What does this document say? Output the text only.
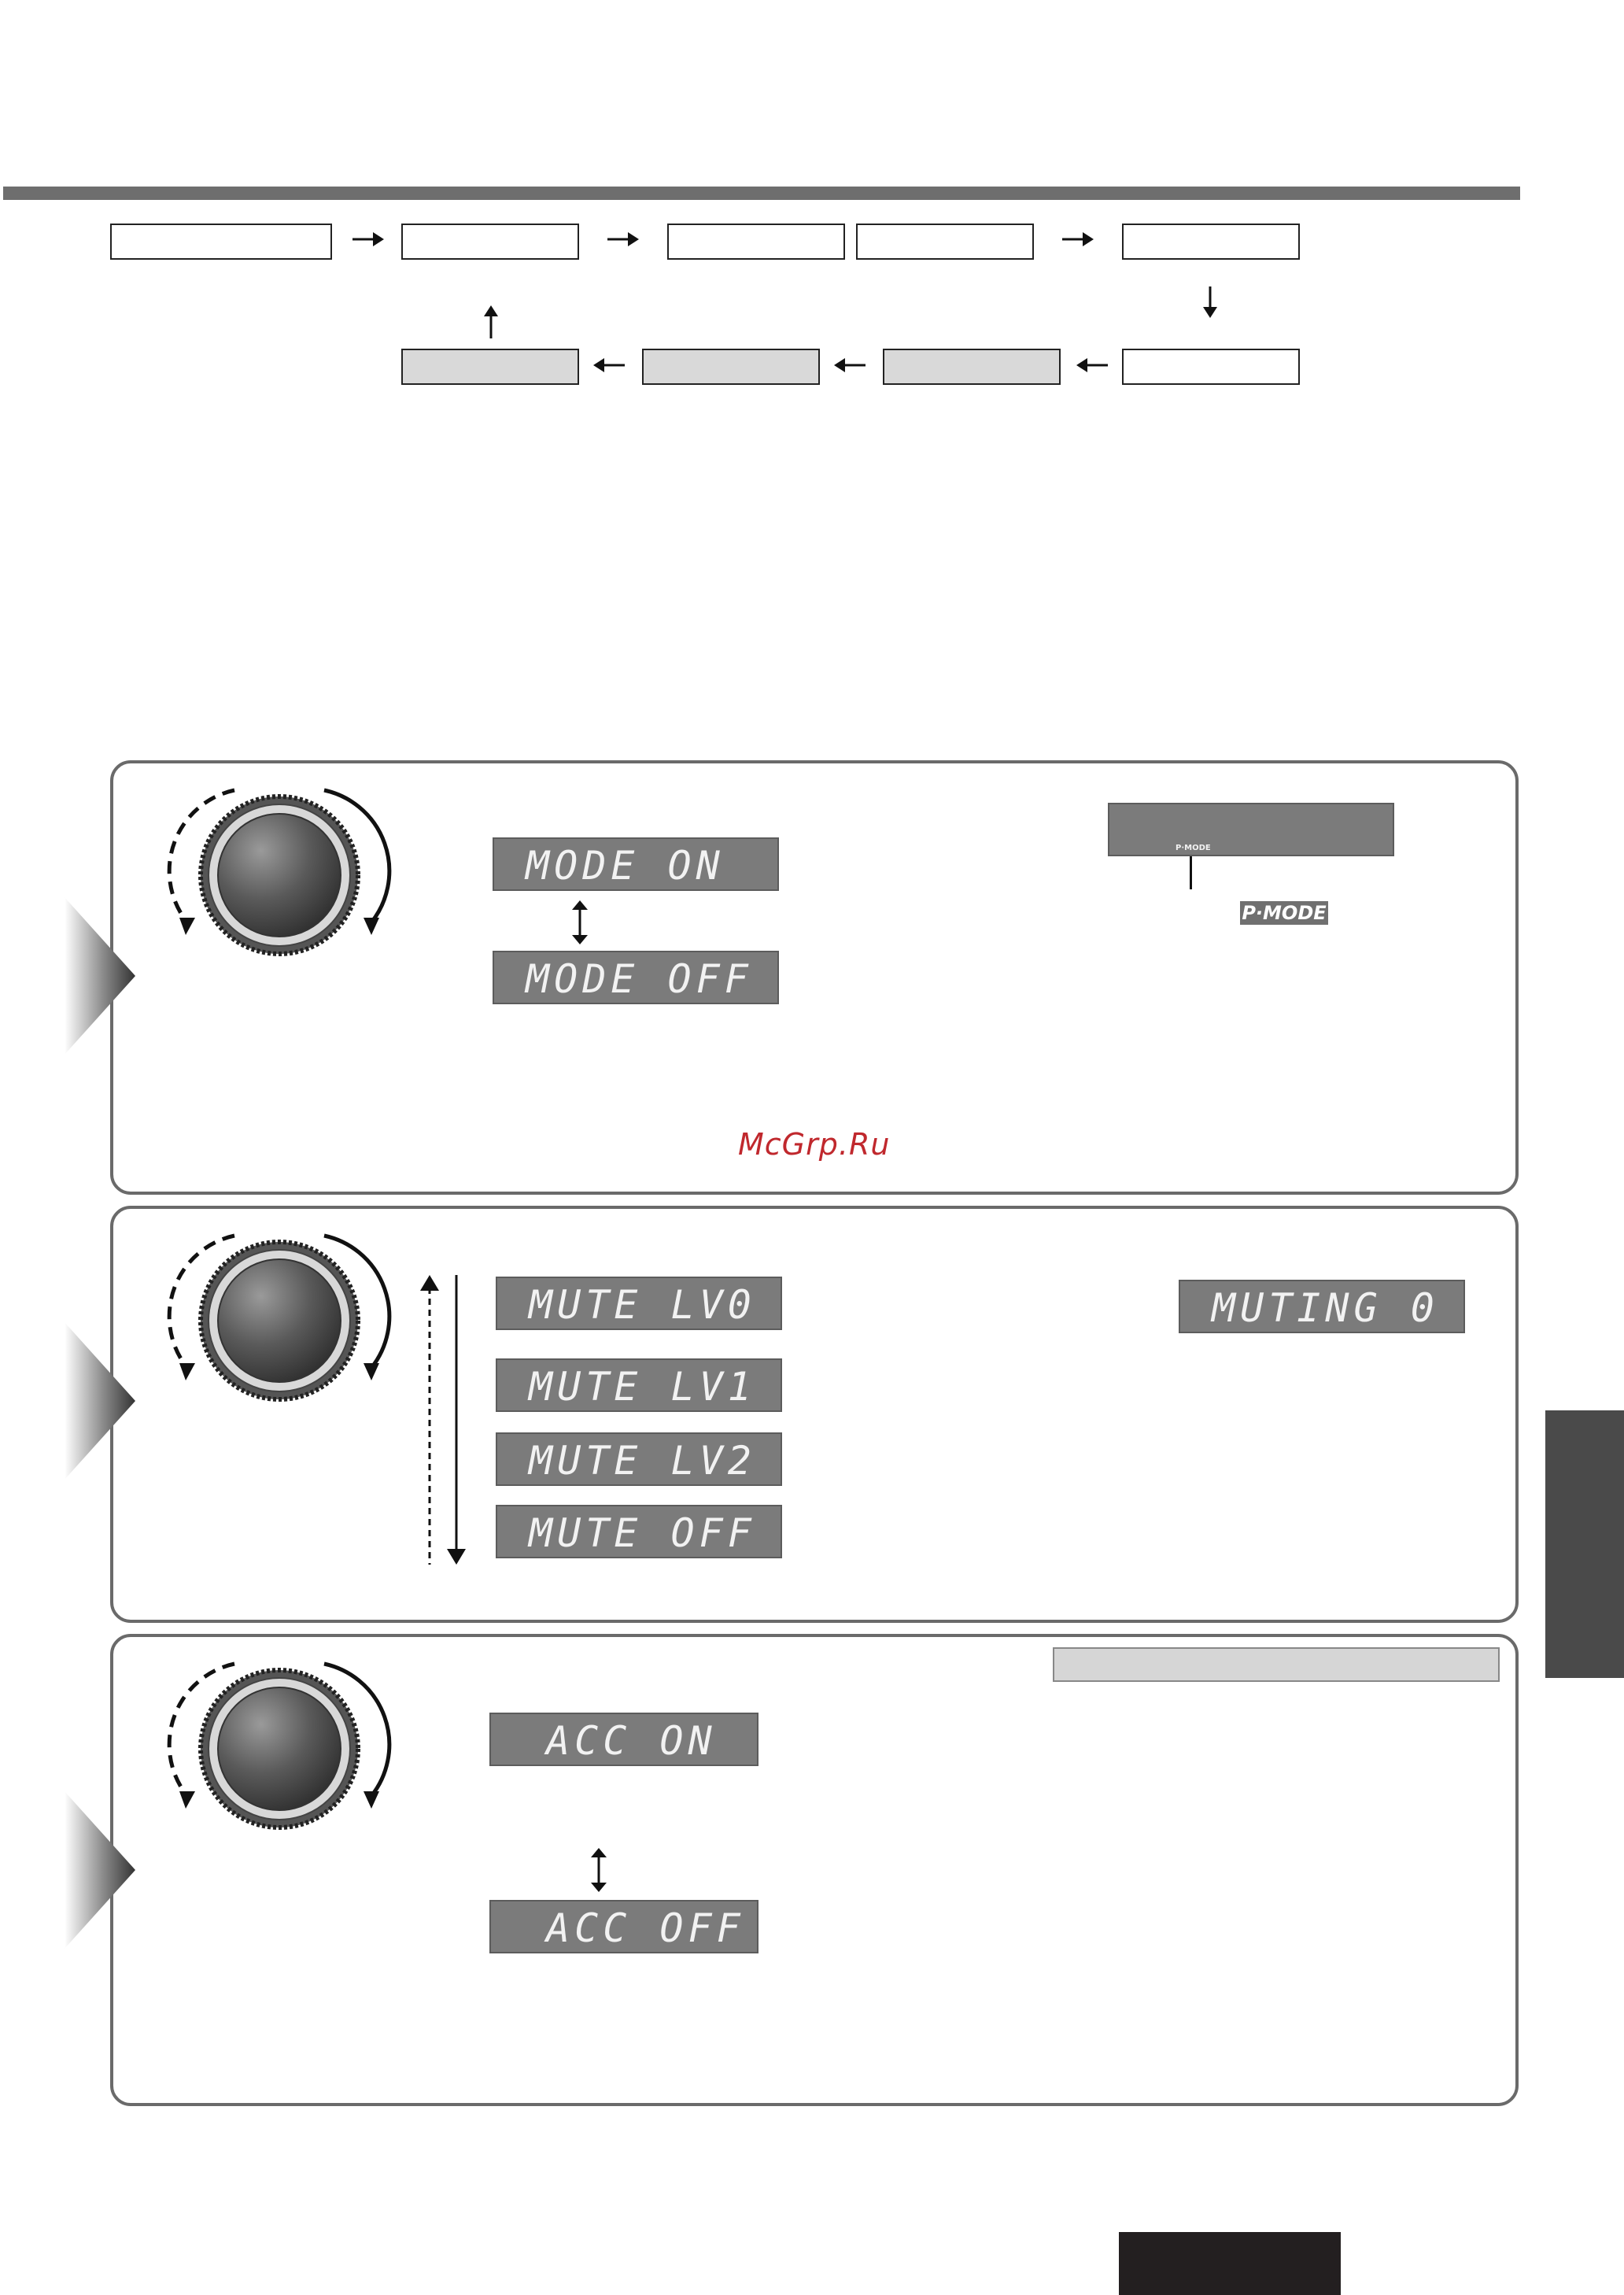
MODE ON
MODE OFF

P·MODE

P·MODE
McGrp.Ru
MUTE LV0
MUTE LV1
MUTE LV2
MUTE OFF
MUTING 0
ACC ON
ACC OFF
